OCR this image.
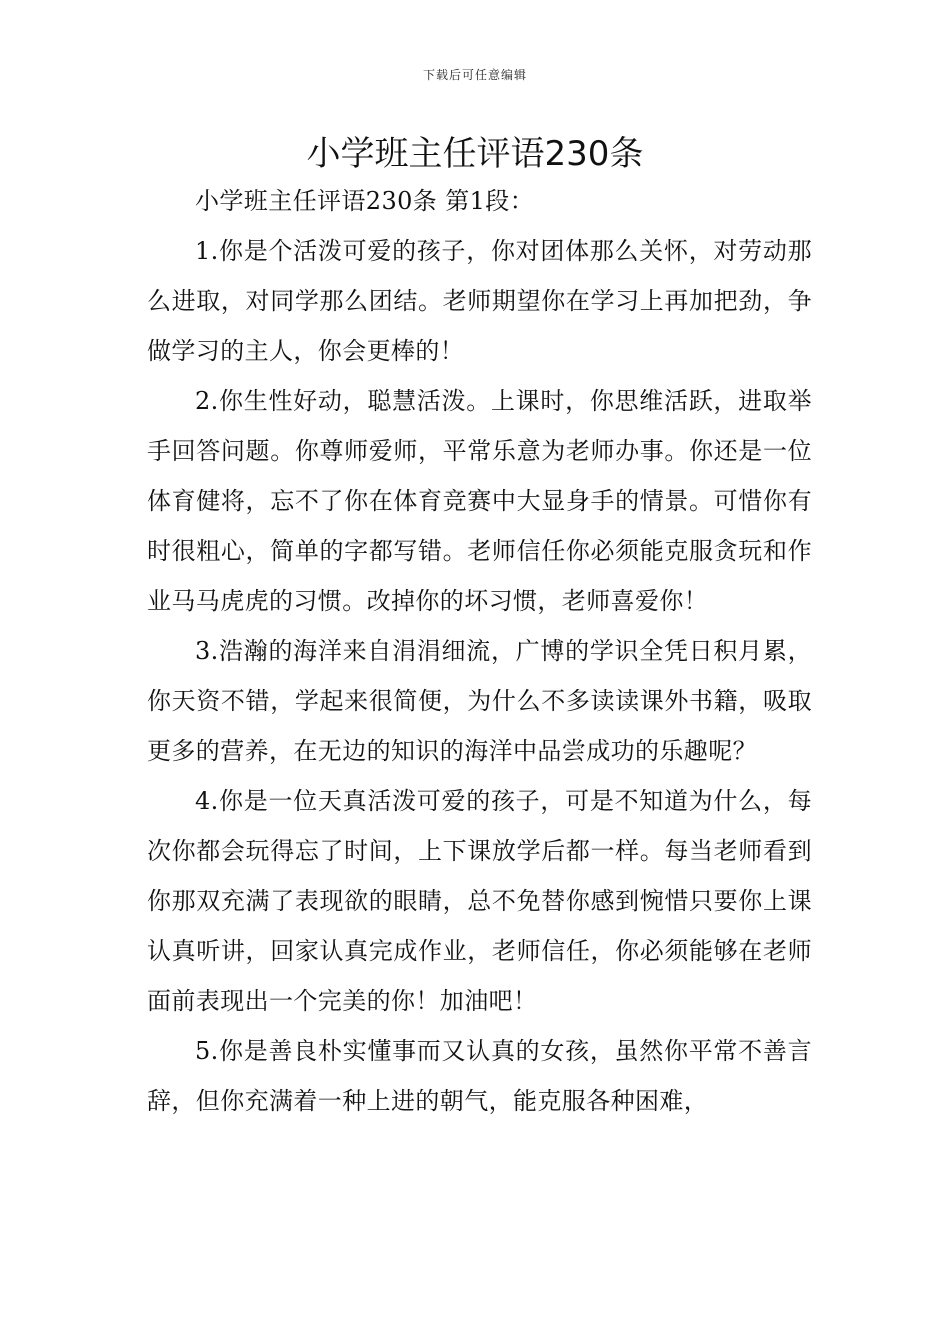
下载后可任意编辑
小学班主任评语230条

小学班主任评语230条 第1段：

1.你是个活泼可爱的孩子，你对团体那么关怀，对劳动那么进取，对同学那么团结。老师期望你在学习上再加把劲，争做学习的主人，你会更棒的！

2.你生性好动，聪慧活泼。上课时，你思维活跃，进取举手回答问题。你尊师爱师，平常乐意为老师办事。你还是一位体育健将，忘不了你在体育竞赛中大显身手的情景。可惜你有时很粗心，简单的字都写错。老师信任你必须能克服贪玩和作业马马虎虎的习惯。改掉你的坏习惯，老师喜爱你！

3.浩瀚的海洋来自涓涓细流，广博的学识全凭日积月累，你天资不错，学起来很简便，为什么不多读读课外书籍，吸取更多的营养，在无边的知识的海洋中品尝成功的乐趣呢？

4.你是一位天真活泼可爱的孩子，可是不知道为什么，每次你都会玩得忘了时间，上下课放学后都一样。每当老师看到你那双充满了表现欲的眼睛，总不免替你感到惋惜只要你上课认真听讲，回家认真完成作业，老师信任，你必须能够在老师面前表现出一个完美的你！加油吧！

5.你是善良朴实懂事而又认真的女孩，虽然你平常不善言辞，但你充满着一种上进的朝气，能克服各种困难，
